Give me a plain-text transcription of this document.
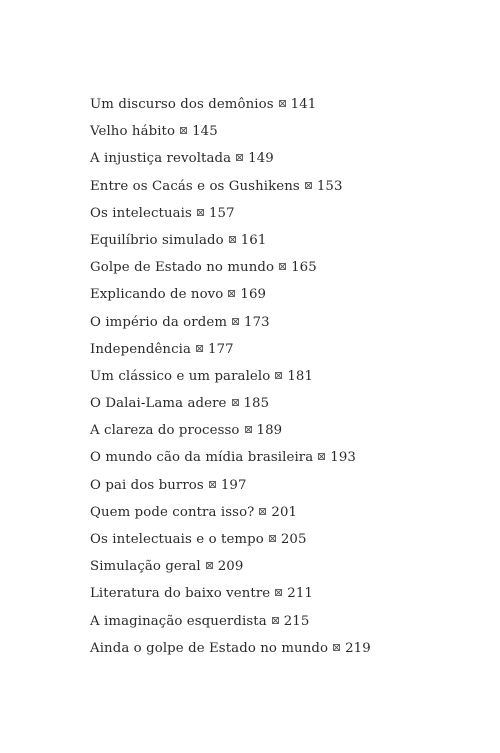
Um discurso dos demônios 141
Velho hábito 145
A injustiça revoltada 149
Entre os Cacás e os Gushikens 153
Os intelectuais 157
Equilíbrio simulado 161
Golpe de Estado no mundo 165
Explicando de novo 169
O império da ordem 173
Independência 177
Um clássico e um paralelo 181
O Dalai-Lama adere 185
A clareza do processo 189
O mundo cão da mídia brasileira 193
O pai dos burros 197
Quem pode contra isso? 201
Os intelectuais e o tempo 205
Simulação geral 209
Literatura do baixo ventre 211
A imaginação esquerdista 215
Ainda o golpe de Estado no mundo 219
